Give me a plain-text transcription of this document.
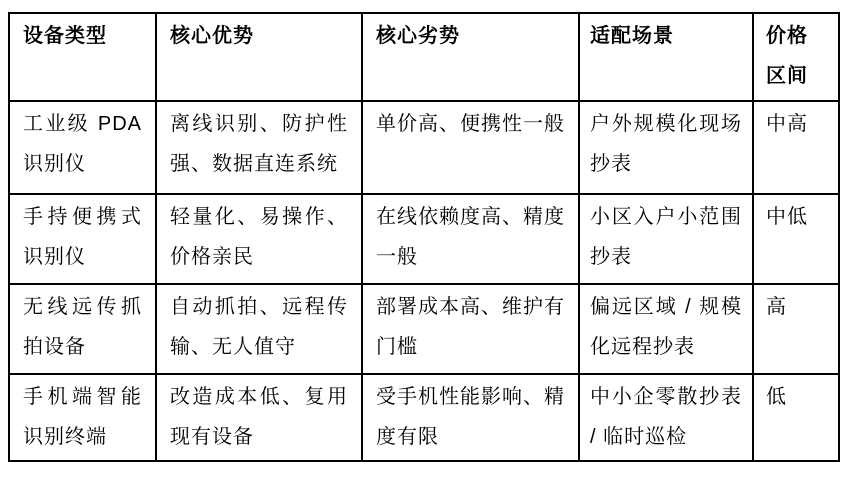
设备类型	核心优势	核心劣势	适配场景	价格区间
工业级 PDA 识别仪	离线识别、防护性强、数据直连系统	单价高、便携性一般	户外规模化现场抄表	中高
手持便携式识别仪	轻量化、易操作、价格亲民	在线依赖度高、精度一般	小区入户小范围抄表	中低
无线远传抓拍设备	自动抓拍、远程传输、无人值守	部署成本高、维护有门槛	偏远区域 / 规模化远程抄表	高
手机端智能识别终端	改造成本低、复用现有设备	受手机性能影响、精度有限	中小企零散抄表 / 临时巡检	低
